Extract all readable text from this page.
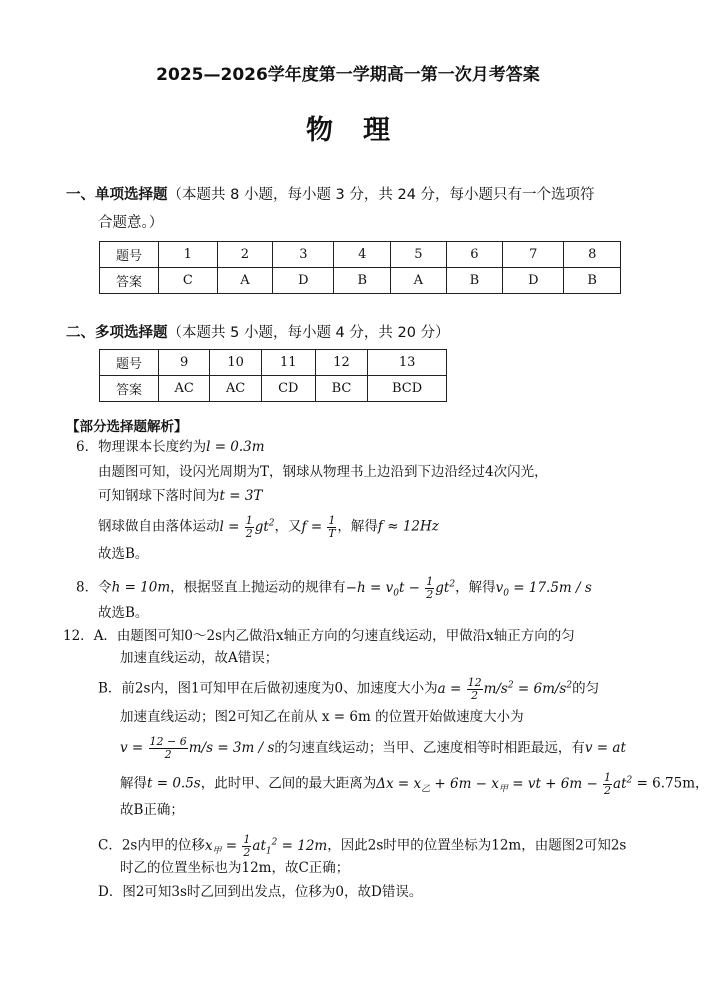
2025—2026学年度第一学期高一第一次月考答案
物理
一、单项选择题（本题共 8 小题，每小题 3 分，共 24 分，每小题只有一个选项符
合题意。）
题号	1	2	3	4	5	6	7	8
答案	C	A	D	B	A	B	D	B
二、多项选择题（本题共 5 小题，每小题 4 分，共 20 分）
题号	9	10	11	12	13
答案	AC	AC	CD	BC	BCD
【部分选择题解析】
6．物理课本长度约为l = 0.3m
由题图可知，设闪光周期为T，钢球从物理书上边沿到下边沿经过4次闪光，
可知钢球下落时间为t = 3T
钢球做自由落体运动$l = \frac{1}{2} gt^2$，又$f = \frac{1}{T}$ ，解得f ≈ 12Hz
故选B。
8．令h = 10m，根据竖直上抛运动的规律有$-h = v_0t - \frac{1}{2} gt^2$，解得$v_0 = 17.5m / s$
故选B。
12．A．由题图可知0～2s内乙做沿x轴正方向的匀速直线运动，甲做沿x轴正方向的匀
加速直线运动，故A错误；
B．前2s内，图1可知甲在后做初速度为0、加速度大小为$a = \frac{12}{2} m/s^2 = 6m/s^2$的匀
加速直线运动；图2可知乙在前从 x = 6m 的位置开始做速度大小为
$v = \frac{12 - 6}{2} m/s = 3m / s$的匀速直线运动；当甲、乙速度相等时相距最远，有v = at
解得t = 0.5s，此时甲、乙间的最大距离为$\Delta x = x_乙 + 6m - x_甲$ = vt + $6m - \frac{1}{2} at^2 = 6.75m$，
故B正确；
C．2s内甲的位移$x_甲 = \frac{1}{2} at_1^2 = 12m$，因此2s时甲的位置坐标为12m，由题图2可知2s
时乙的位置坐标也为12m，故C正确；
D．图2可知3s时乙回到出发点，位移为0，故D错误。
